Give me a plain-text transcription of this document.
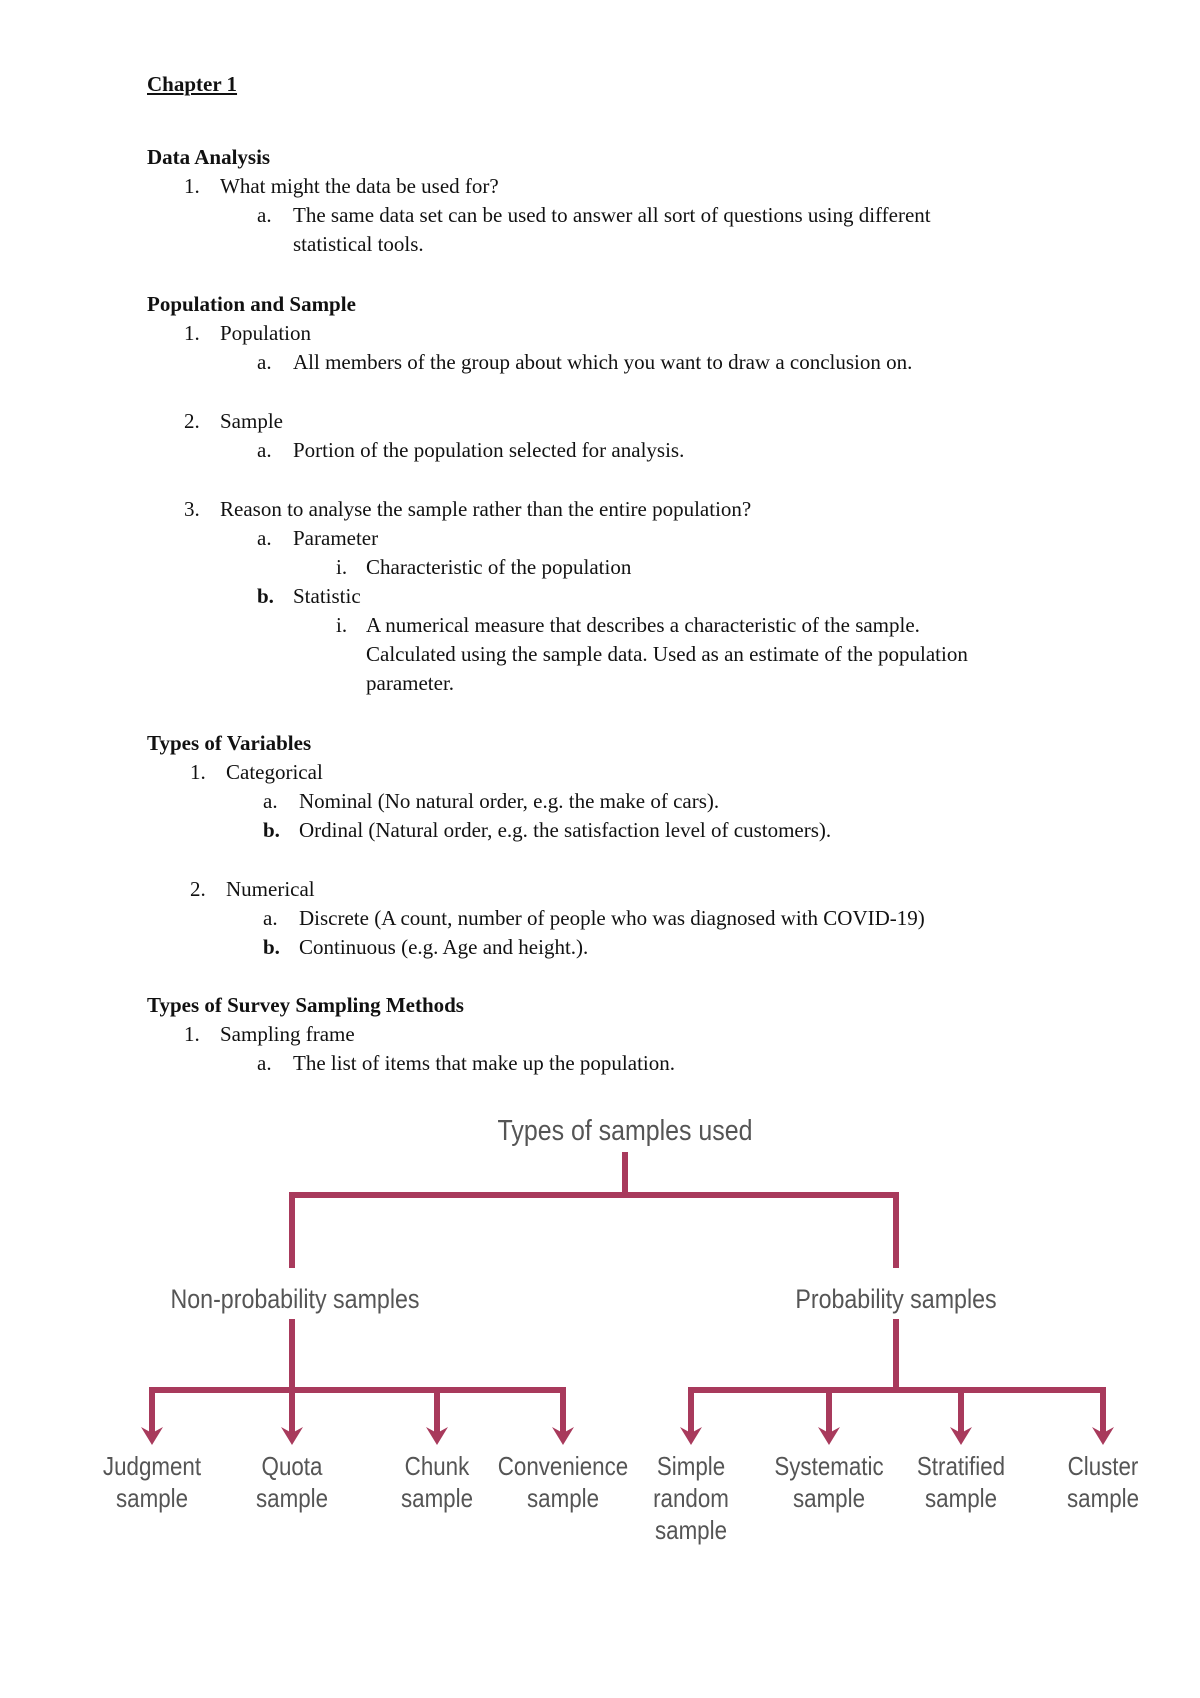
Chapter 1
Data Analysis
1. What might the data be used for?
a. The same data set can be used to answer all sort of questions using different
statistical tools.
Population and Sample
1. Population
a. All members of the group about which you want to draw a conclusion on.
2. Sample
a. Portion of the population selected for analysis.
3. Reason to analyse the sample rather than the entire population?
a. Parameter
i. Characteristic of the population
b. Statistic
i. A numerical measure that describes a characteristic of the sample.
Calculated using the sample data. Used as an estimate of the population
parameter.
Types of Variables
1. Categorical
a. Nominal (No natural order, e.g. the make of cars).
b. Ordinal (Natural order, e.g. the satisfaction level of customers).
2. Numerical
a. Discrete (A count, number of people who was diagnosed with COVID-19)
b. Continuous (e.g. Age and height.).
Types of Survey Sampling Methods
1. Sampling frame
a. The list of items that make up the population.
Types of samples used
Non-probability samples	Probability samples
Judgment
sample
Quota
sample
Chunk
sample
Convenience
sample
Simple
random
sample
Systematic
sample
Stratified
sample
Cluster
sample
